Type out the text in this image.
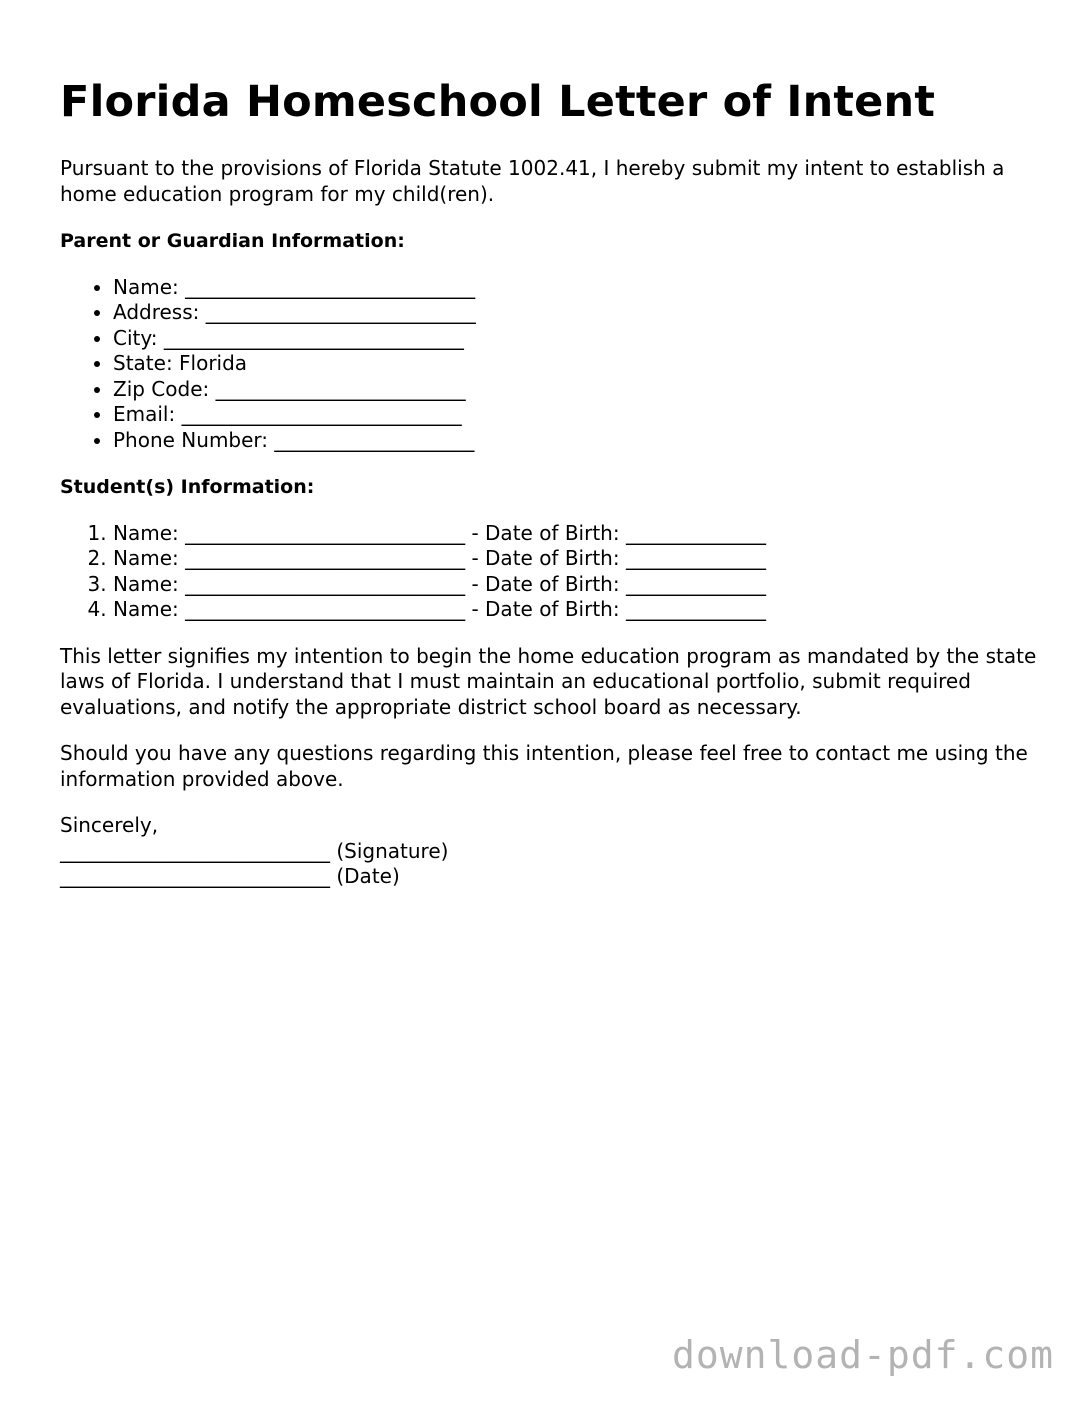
Florida Homeschool Letter of Intent

Pursuant to the provisions of Florida Statute 1002.41, I hereby submit my intent to establish a home education program for my child(ren).

Parent or Guardian Information:

• Name: _____________________________
• Address: ___________________________
• City: ______________________________
• State: Florida
• Zip Code: _________________________
• Email: ____________________________
• Phone Number: ____________________

Student(s) Information:

1. Name: ____________________________ - Date of Birth: ______________
2. Name: ____________________________ - Date of Birth: ______________
3. Name: ____________________________ - Date of Birth: ______________
4. Name: ____________________________ - Date of Birth: ______________

This letter signifies my intention to begin the home education program as mandated by the state laws of Florida. I understand that I must maintain an educational portfolio, submit required evaluations, and notify the appropriate district school board as necessary.

Should you have any questions regarding this intention, please feel free to contact me using the information provided above.

Sincerely,
___________________________ (Signature)
___________________________ (Date)
download-pdf.com
